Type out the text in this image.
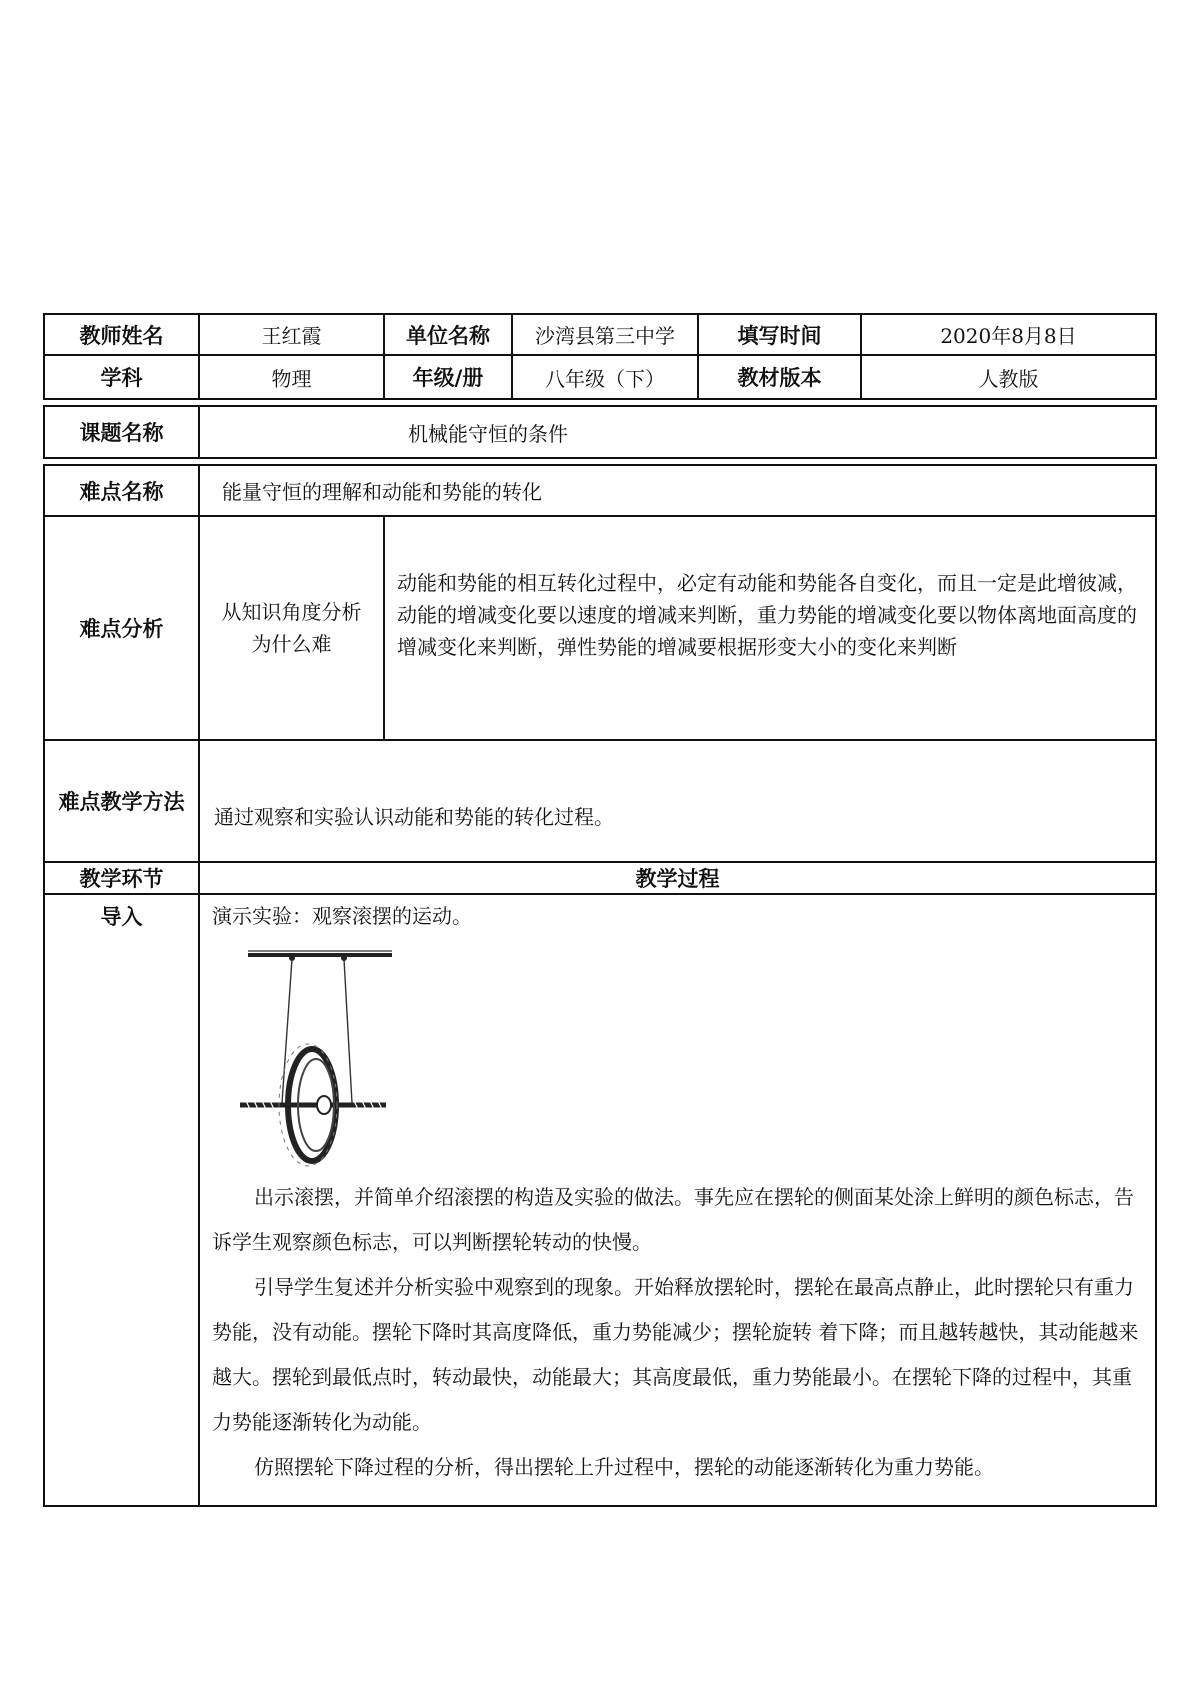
教师姓名	王红霞	单位名称	沙湾县第三中学	填写时间	2020年8月8日
学科	物理	年级/册	八年级（下）	教材版本	人教版

课题名称	机械能守恒的条件				

难点名称	能量守恒的理解和动能和势能的转化				
难点分析	从知识角度分析为什么难	动能和势能的相互转化过程中，必定有动能和势能各自变化，而且一定是此增彼减，动能的增减变化要以速度的增减来判断，重力势能的增减变化要以物体离地面高度的增减变化来判断，弹性势能的增减要根据形变大小的变化来判断			
难点教学方法	通过观察和实验认识动能和势能的转化过程。				
教学环节	教学过程				
导入	演示实验：观察滚摆的运动。

出示滚摆，并简单介绍滚摆的构造及实验的做法。事先应在摆轮的侧面某处涂上鲜明的颜色标志，告诉学生观察颜色标志，可以判断摆轮转动的快慢。

引导学生复述并分析实验中观察到的现象。开始释放摆轮时，摆轮在最高点静止，此时摆轮只有重力势能，没有动能。摆轮下降时其高度降低，重力势能减少；摆轮旋转 着下降；而且越转越快，其动能越来越大。摆轮到最低点时，转动最快，动能最大；其高度最低，重力势能最小。在摆轮下降的过程中，其重力势能逐渐转化为动能。

仿照摆轮下降过程的分析，得出摆轮上升过程中，摆轮的动能逐渐转化为重力势能。				
